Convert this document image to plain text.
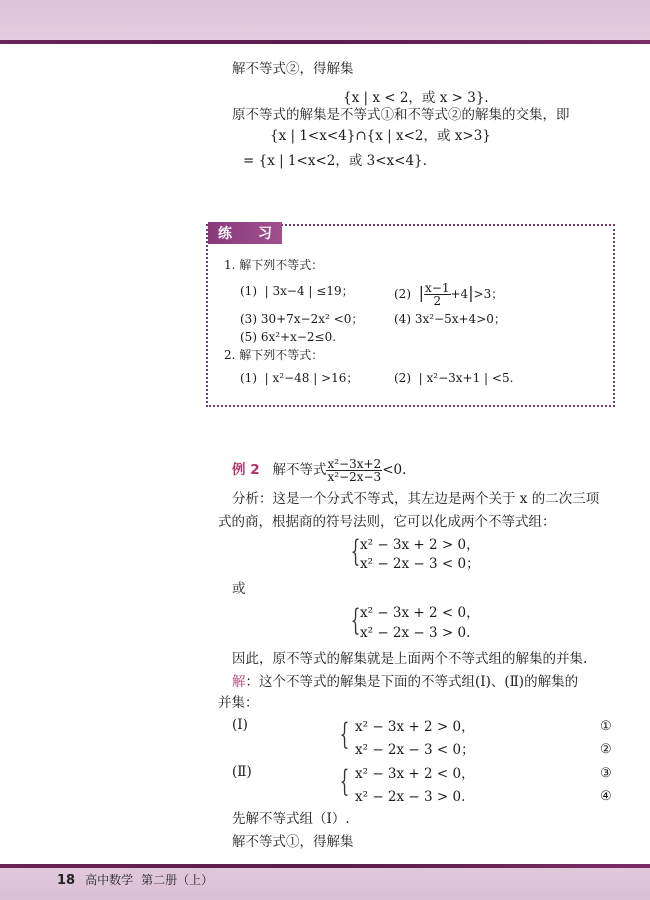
解不等式②，得解集
{x | x < 2，或 x > 3}.
原不等式的解集是不等式①和不等式②的解集的交集，即
{x | 1<x<4}∩{x | x<2，或 x>3}
= {x | 1<x<2，或 3<x<4}.
练 习
1. 解下列不等式：
(1) | 3x−4 | ≤19；	(2) | $\frac{x-1}{2} +4|>3$；
(3) 30+7x−2x² <0；	(4) 3x²−5x+4>0；
(5) 6x²+x−2≤0.
2. 解下列不等式：
(1) | x²−48 | >16；	(2) | x²−3x+1 | <5.
例 2 解不等式 $\frac{\text{x²−3x+2}}{\text{x²−2x−3}} <0$.
分析：这是一个分式不等式，其左边是两个关于 x 的二次三项
式的商，根据商的符号法则，它可以化成两个不等式组：
{ x² − 3x + 2 > 0，
x² − 2x − 3 < 0；
或
{ x² − 3x + 2 < 0，
x² − 2x − 3 > 0.
因此，原不等式的解集就是上面两个不等式组的解集的并集.
解：这个不等式的解集是下面的不等式组(Ⅰ)、(Ⅱ)的解集的
并集：
(Ⅰ)	{ x² − 3x + 2 > 0，
x² − 2x − 3 < 0；
①
②
(Ⅱ)	{ x² − 3x + 2 < 0，
x² − 2x − 3 > 0.
③
④
先解不等式组（Ⅰ）.
解不等式①，得解集
18 高中数学 第二册（上）
